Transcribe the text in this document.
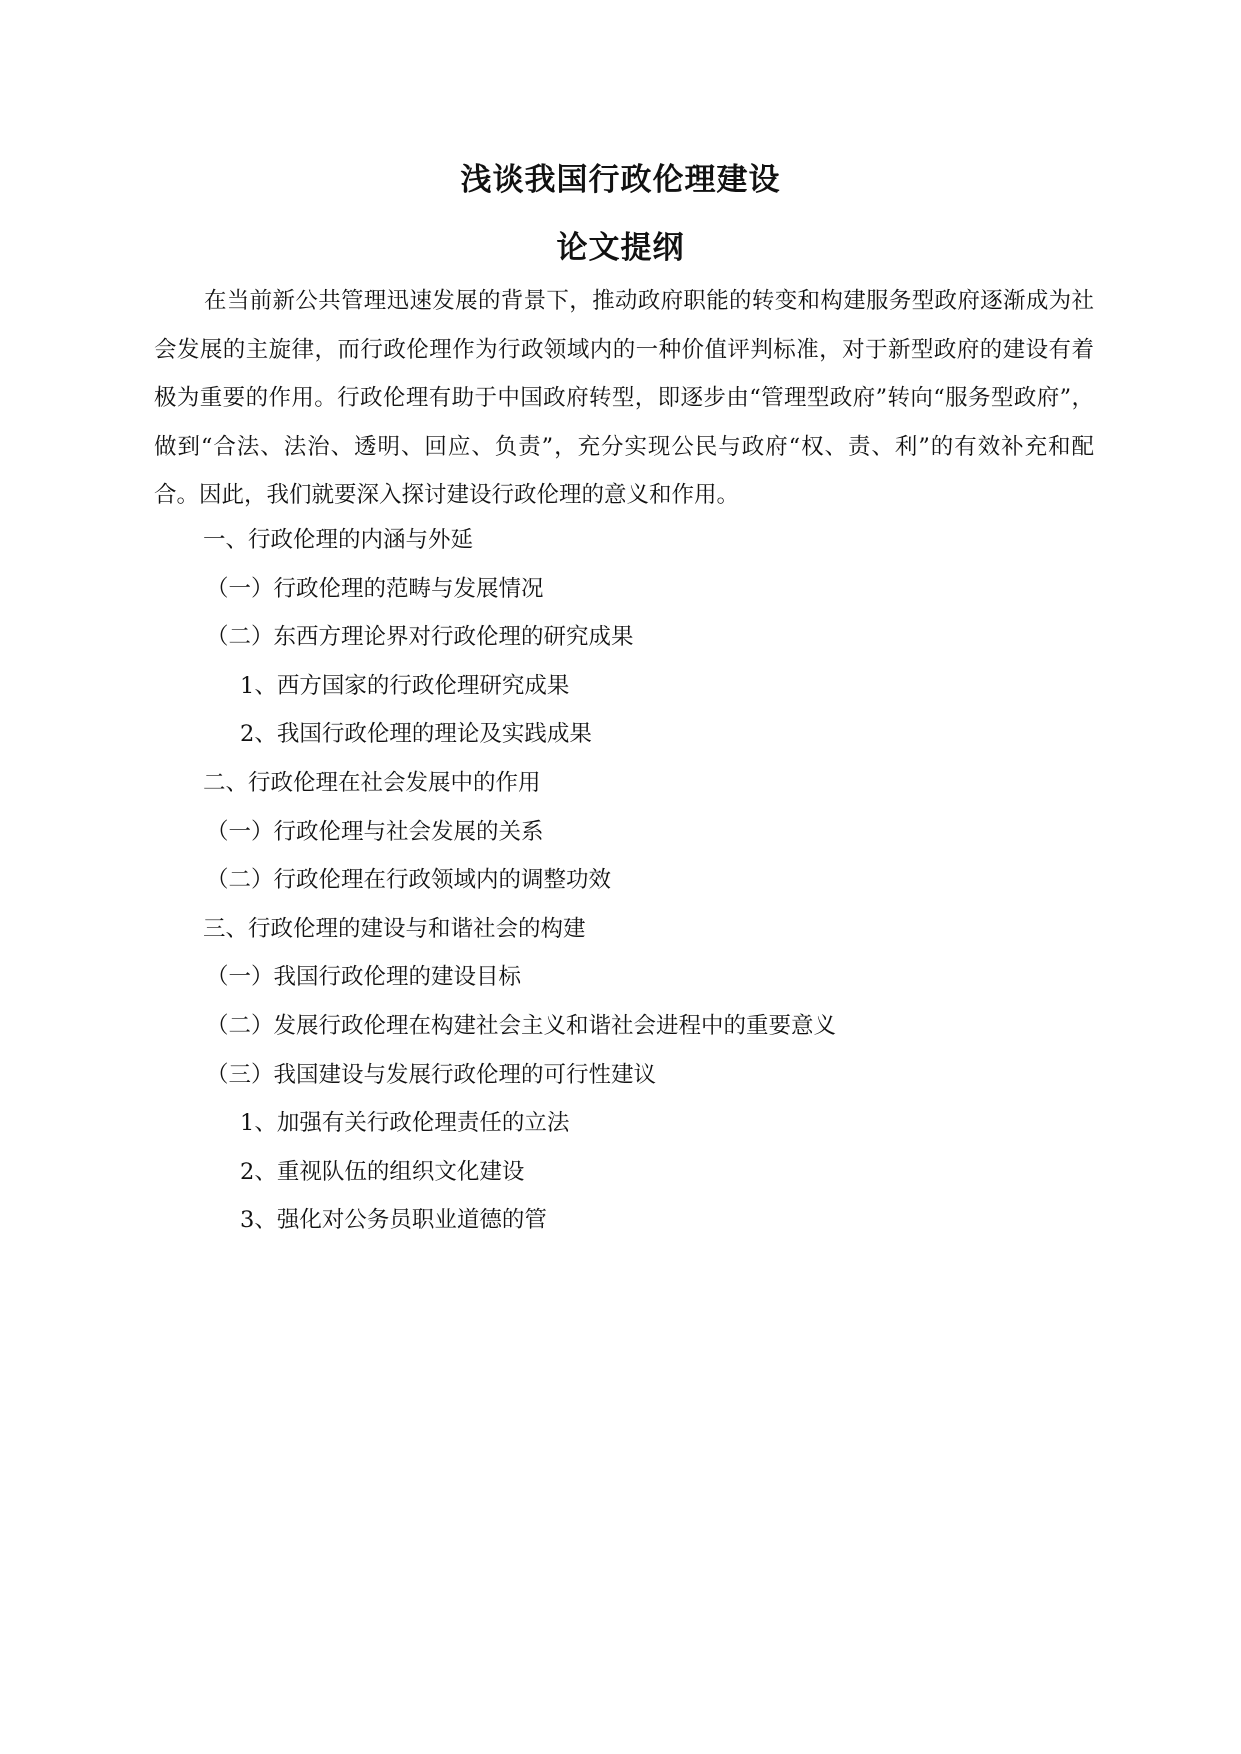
浅谈我国行政伦理建设
论文提纲

在当前新公共管理迅速发展的背景下，推动政府职能的转变和构建服务型政府逐渐成为社会发展的主旋律，而行政伦理作为行政领域内的一种价值评判标准，对于新型政府的建设有着极为重要的作用。行政伦理有助于中国政府转型，即逐步由“管理型政府”转向“服务型政府”，做到“合法、法治、透明、回应、负责”，充分实现公民与政府“权、责、利”的有效补充和配合。因此，我们就要深入探讨建设行政伦理的意义和作用。

一、行政伦理的内涵与外延
（一）行政伦理的范畴与发展情况
（二）东西方理论界对行政伦理的研究成果
1、西方国家的行政伦理研究成果
2、我国行政伦理的理论及实践成果
二、行政伦理在社会发展中的作用
（一）行政伦理与社会发展的关系
（二）行政伦理在行政领域内的调整功效
三、行政伦理的建设与和谐社会的构建
（一）我国行政伦理的建设目标
（二）发展行政伦理在构建社会主义和谐社会进程中的重要意义
（三）我国建设与发展行政伦理的可行性建议
1、加强有关行政伦理责任的立法
2、重视队伍的组织文化建设
3、强化对公务员职业道德的管
